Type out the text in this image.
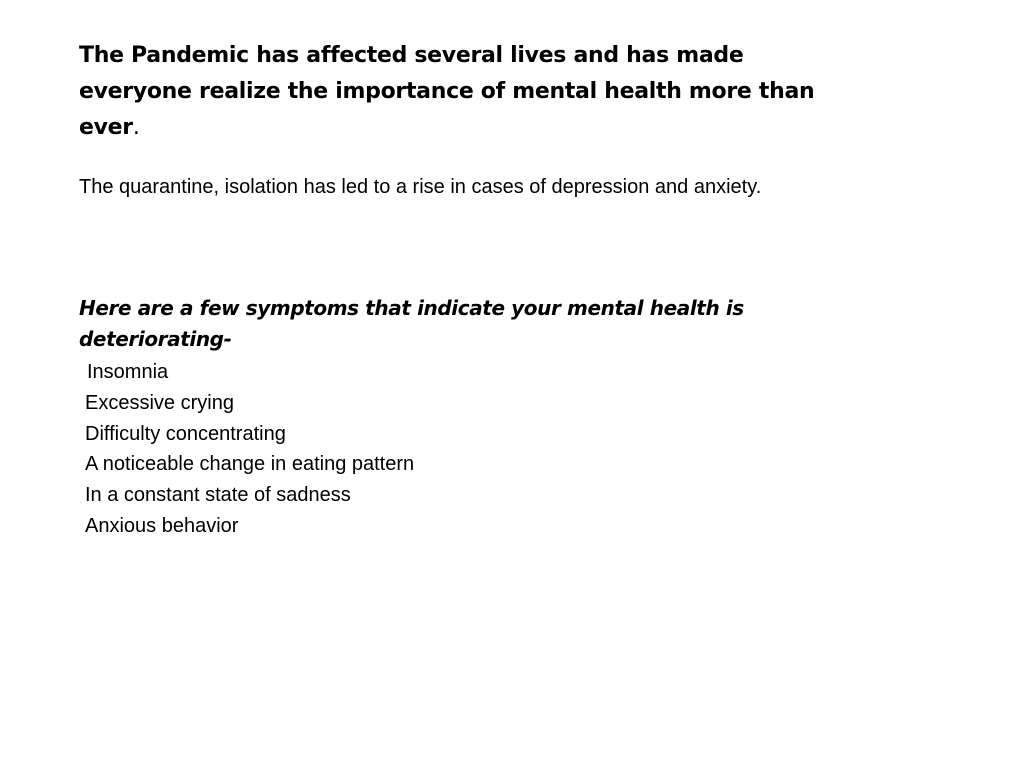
The Pandemic has affected several lives and has made everyone realize the importance of mental health more than ever.

The quarantine, isolation has led to a rise in cases of depression and anxiety.

Here are a few symptoms that indicate your mental health is deteriorating-
Insomnia
Excessive crying
Difficulty concentrating
A noticeable change in eating pattern
In a constant state of sadness
Anxious behavior
